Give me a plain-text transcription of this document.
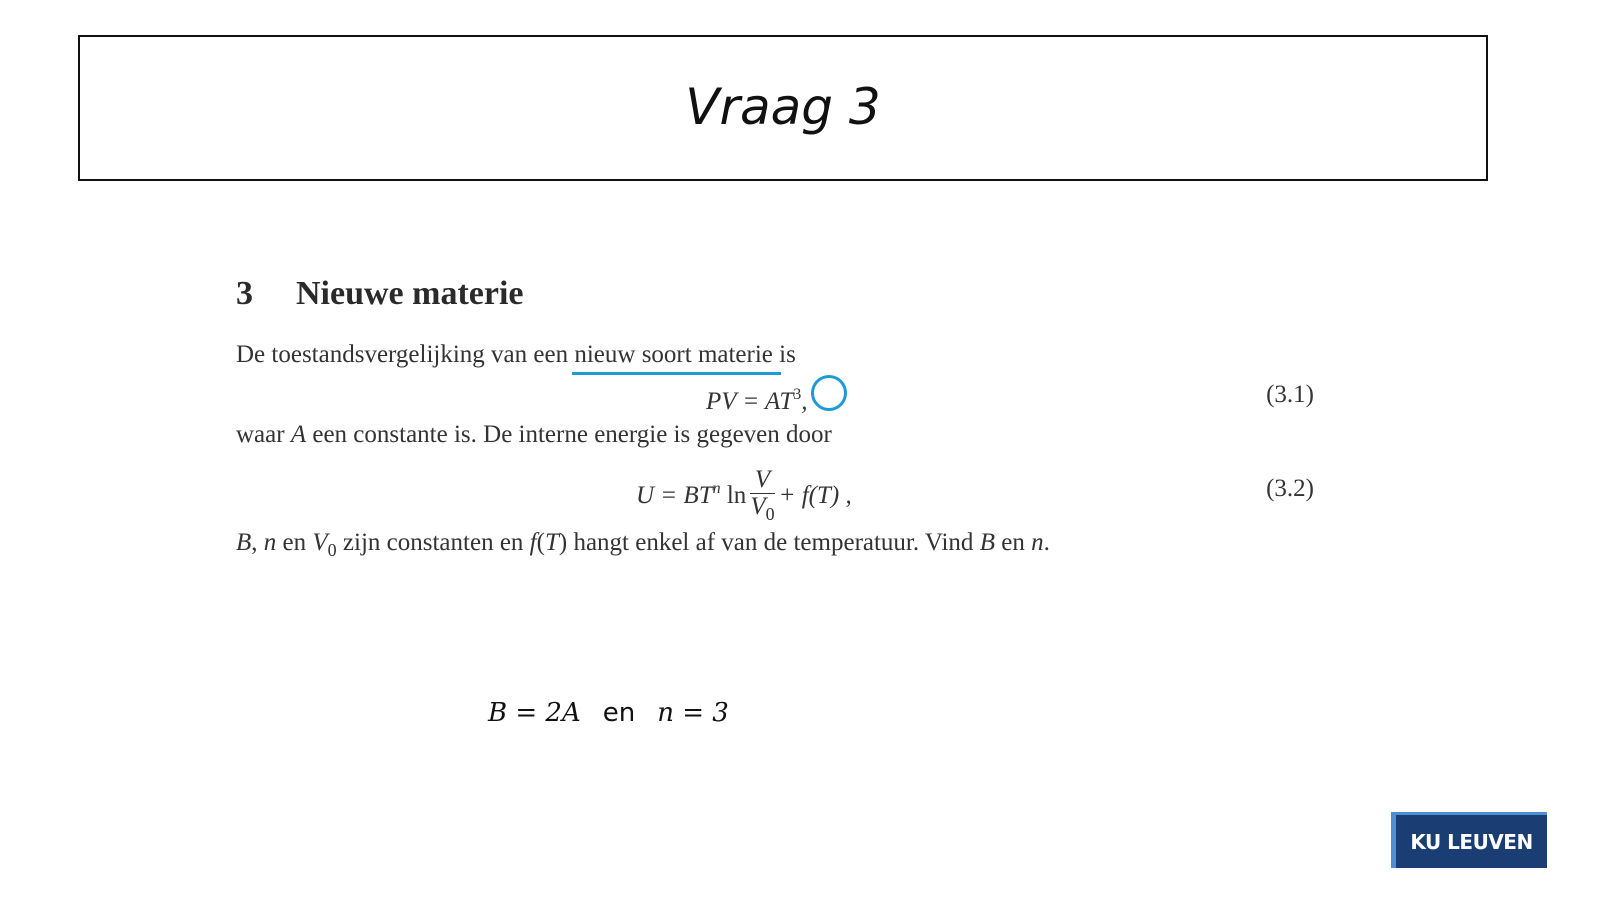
Vraag 3
3 Nieuwe materie

De toestandsvergelijking van een nieuw soort materie
is

PV = $AT^3$,	(3.1)

waar A een constante is. De interne energie is gegeven door

$U = BT^n$ $\ln \frac{V}{V_0} + f(T)$ ,	(3.2)

B, n en $V_0$ zijn constanten en f(T) hangt enkel af van de temperatuur. Vind B en n.

B = 2A en n = 3
KU LEUVEN
